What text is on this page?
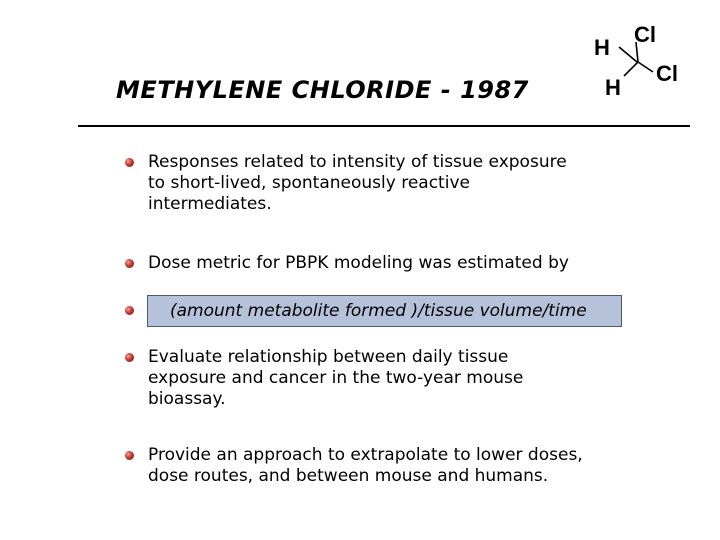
METHYLENE CHLORIDE - 1987
H
Cl
H
Cl
Responses related to intensity of tissue exposure
to short-lived, spontaneously reactive
intermediates.
Dose metric for PBPK modeling was estimated by
(amount metabolite formed )/tissue volume/time
Evaluate relationship between daily tissue
exposure and cancer in the two-year mouse
bioassay.
Provide an approach to extrapolate to lower doses,
dose routes, and between mouse and humans.
